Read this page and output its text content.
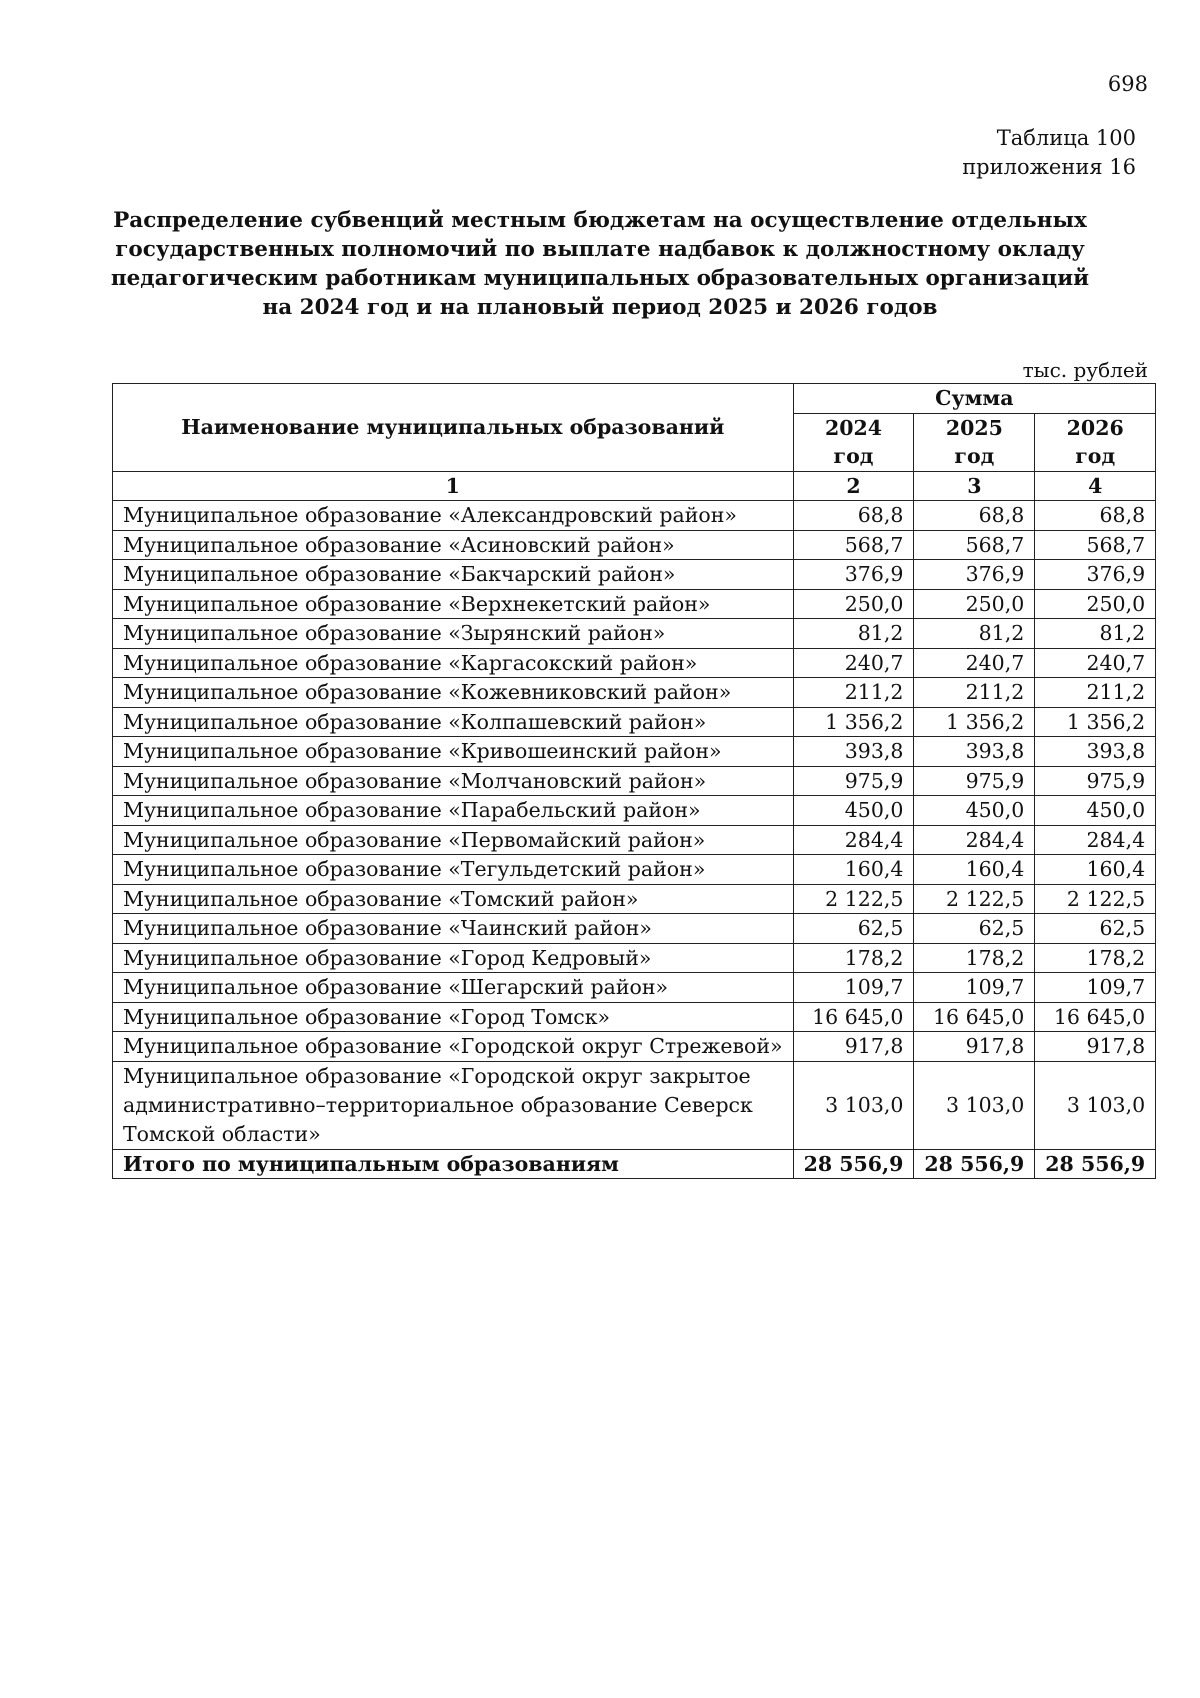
698
Таблица 100
приложения 16
Распределение субвенций местным бюджетам на осуществление отдельных
государственных полномочий по выплате надбавок к должностному окладу
педагогическим работникам муниципальных образовательных организаций
на 2024 год и на плановый период 2025 и 2026 годов
тыс. рублей
Наименование муниципальных образований	Сумма		
	2024 год	2025 год	2026 год
1	2	3	4
Муниципальное образование «Александровский район»	68,8	68,8	68,8
Муниципальное образование «Асиновский район»	568,7	568,7	568,7
Муниципальное образование «Бакчарский район»	376,9	376,9	376,9
Муниципальное образование «Верхнекетский район»	250,0	250,0	250,0
Муниципальное образование «Зырянский район»	81,2	81,2	81,2
Муниципальное образование «Каргасокский район»	240,7	240,7	240,7
Муниципальное образование «Кожевниковский район»	211,2	211,2	211,2
Муниципальное образование «Колпашевский район»	1 356,2	1 356,2	1 356,2
Муниципальное образование «Кривошеинский район»	393,8	393,8	393,8
Муниципальное образование «Молчановский район»	975,9	975,9	975,9
Муниципальное образование «Парабельский район»	450,0	450,0	450,0
Муниципальное образование «Первомайский район»	284,4	284,4	284,4
Муниципальное образование «Тегульдетский район»	160,4	160,4	160,4
Муниципальное образование «Томский район»	2 122,5	2 122,5	2 122,5
Муниципальное образование «Чаинский район»	62,5	62,5	62,5
Муниципальное образование «Город Кедровый»	178,2	178,2	178,2
Муниципальное образование «Шегарский район»	109,7	109,7	109,7
Муниципальное образование «Город Томск»	16 645,0	16 645,0	16 645,0
Муниципальное образование «Городской округ Стрежевой»	917,8	917,8	917,8
Муниципальное образование «Городской округ закрытое административно–территориальное образование Северск Томской области»	3 103,0	3 103,0	3 103,0
Итого по муниципальным образованиям	28 556,9	28 556,9	28 556,9
